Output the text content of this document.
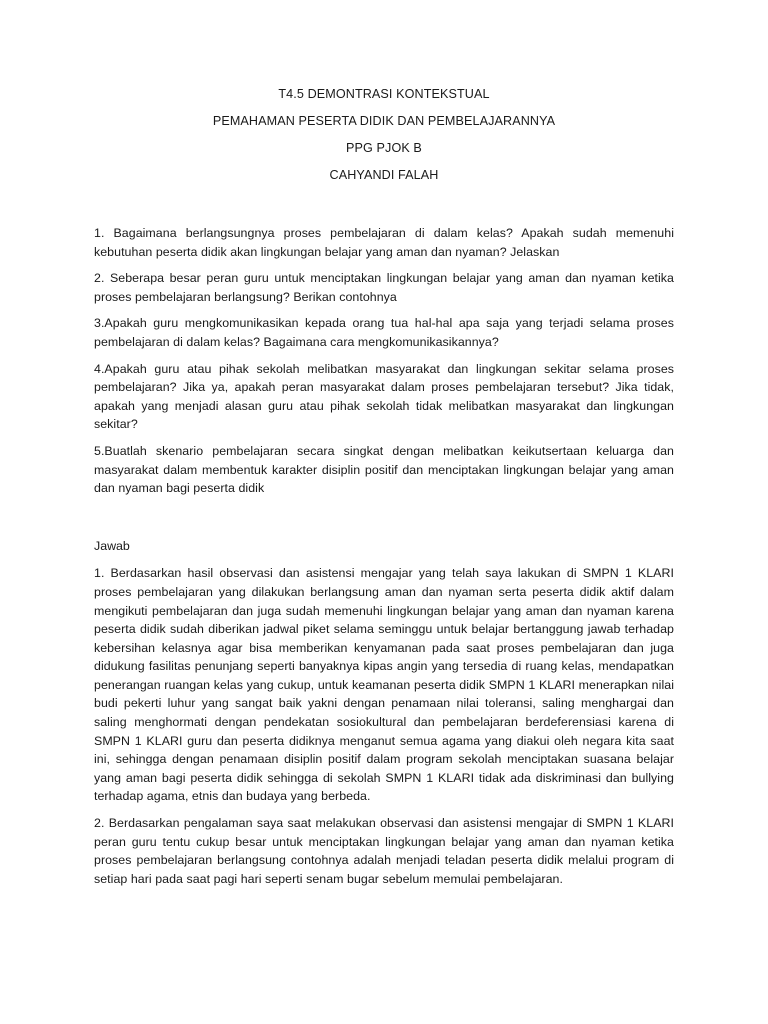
T4.5 DEMONTRASI KONTEKSTUAL

PEMAHAMAN PESERTA DIDIK DAN PEMBELAJARANNYA

PPG PJOK B

CAHYANDI FALAH

1. Bagaimana berlangsungnya proses pembelajaran di dalam kelas? Apakah sudah memenuhi kebutuhan peserta didik akan lingkungan belajar yang aman dan nyaman? Jelaskan

2. Seberapa besar peran guru untuk menciptakan lingkungan belajar yang aman dan nyaman ketika proses pembelajaran berlangsung? Berikan contohnya

3.Apakah guru mengkomunikasikan kepada orang tua hal-hal apa saja yang terjadi selama proses pembelajaran di dalam kelas? Bagaimana cara mengkomunikasikannya?

4.Apakah guru atau pihak sekolah melibatkan masyarakat dan lingkungan sekitar selama proses pembelajaran? Jika ya, apakah peran masyarakat dalam proses pembelajaran tersebut? Jika tidak, apakah yang menjadi alasan guru atau pihak sekolah tidak melibatkan masyarakat dan lingkungan sekitar?

5.Buatlah skenario pembelajaran secara singkat dengan melibatkan keikutsertaan keluarga dan masyarakat dalam membentuk karakter disiplin positif dan menciptakan lingkungan belajar yang aman dan nyaman bagi peserta didik

Jawab

1. Berdasarkan hasil observasi dan asistensi mengajar yang telah saya lakukan di SMPN 1 KLARI proses pembelajaran yang dilakukan berlangsung aman dan nyaman serta peserta didik aktif dalam mengikuti pembelajaran dan juga sudah memenuhi lingkungan belajar yang aman dan nyaman karena peserta didik sudah diberikan jadwal piket selama seminggu untuk belajar bertanggung jawab terhadap kebersihan kelasnya agar bisa memberikan kenyamanan pada saat proses pembelajaran dan juga didukung fasilitas penunjang seperti banyaknya kipas angin yang tersedia di ruang kelas, mendapatkan penerangan ruangan kelas yang cukup, untuk keamanan peserta didik SMPN 1 KLARI menerapkan nilai budi pekerti luhur yang sangat baik yakni dengan penamaan nilai toleransi, saling menghargai dan saling menghormati dengan pendekatan sosiokultural dan pembelajaran berdeferensiasi karena di SMPN 1 KLARI guru dan peserta didiknya menganut semua agama yang diakui oleh negara kita saat ini, sehingga dengan penamaan disiplin positif dalam program sekolah menciptakan suasana belajar yang aman bagi peserta didik sehingga di sekolah SMPN 1 KLARI tidak ada diskriminasi dan bullying terhadap agama, etnis dan budaya yang berbeda.

2. Berdasarkan pengalaman saya saat melakukan observasi dan asistensi mengajar di SMPN 1 KLARI peran guru tentu cukup besar untuk menciptakan lingkungan belajar yang aman dan nyaman ketika proses pembelajaran berlangsung contohnya adalah menjadi teladan peserta didik melalui program di setiap hari pada saat pagi hari seperti senam bugar sebelum memulai pembelajaran.
